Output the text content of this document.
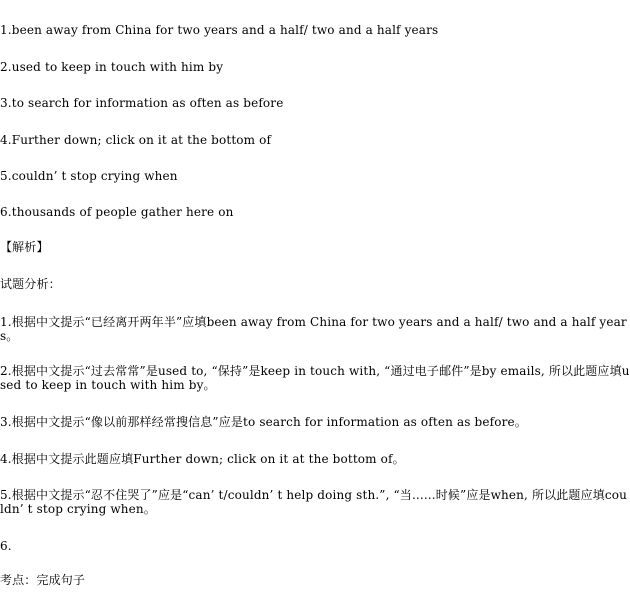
1.been away from China for two years and a half/ two and a half years
2.used to keep in touch with him by
3.to search for information as often as before
4.Further down; click on it at the bottom of
5.couldn’ t stop crying when
6.thousands of people gather here on
【解析】
试题分析：
1.根据中文提示“已经离开两年半”应填been away from China for two years and a half/ two and a half years。
2.根据中文提示“过去常常”是used to, “保持”是keep in touch with, “通过电子邮件”是by emails, 所以此题应填used to keep in touch with him by。
3.根据中文提示“像以前那样经常搜信息”应是to search for information as often as before。
4.根据中文提示此题应填Further down; click on it at the bottom of。
5.根据中文提示“忍不住哭了”应是“can’ t/couldn’ t help doing sth.”, “当......时候”应是when, 所以此题应填couldn’ t stop crying when。
6.
考点：完成句子
